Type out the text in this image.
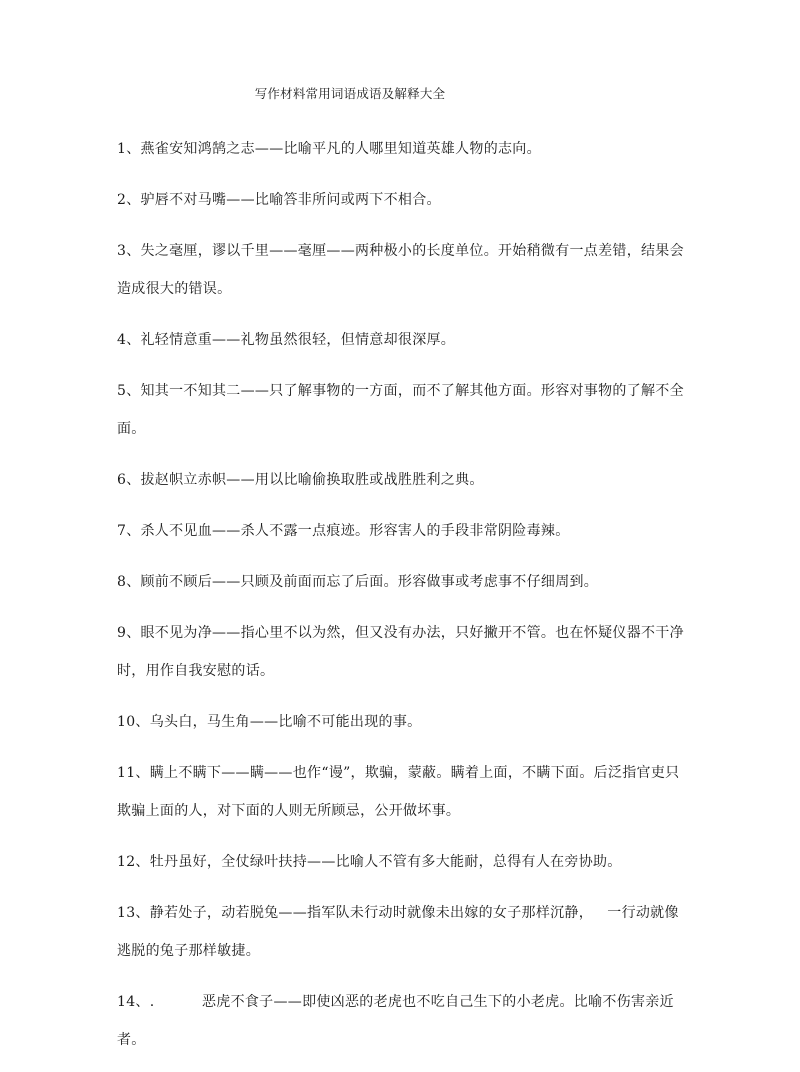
写作材料常用词语成语及解释大全
1、燕雀安知鸿鹄之志——比喻平凡的人哪里知道英雄人物的志向。
2、驴唇不对马嘴——比喻答非所问或两下不相合。
3、失之毫厘，谬以千里——毫厘——两种极小的长度单位。开始稍微有一点差错，结果会造成很大的错误。
4、礼轻情意重——礼物虽然很轻，但情意却很深厚。
5、知其一不知其二——只了解事物的一方面，而不了解其他方面。形容对事物的了解不全面。
6、拔赵帜立赤帜——用以比喻偷换取胜或战胜胜利之典。
7、杀人不见血——杀人不露一点痕迹。形容害人的手段非常阴险毒辣。
8、顾前不顾后——只顾及前面而忘了后面。形容做事或考虑事不仔细周到。
9、眼不见为净——指心里不以为然，但又没有办法，只好撇开不管。也在怀疑仪器不干净时，用作自我安慰的话。
10、乌头白，马生角——比喻不可能出现的事。
11、瞒上不瞒下——瞒——也作“谩”，欺骗，蒙蔽。瞒着上面，不瞒下面。后泛指官吏只欺骗上面的人，对下面的人则无所顾忌，公开做坏事。
12、牡丹虽好，全仗绿叶扶持——比喻人不管有多大能耐，总得有人在旁协助。
13、静若处子，动若脱兔——指军队未行动时就像未出嫁的女子那样沉静，   一行动就像逃脱的兔子那样敏捷。
14、.          恶虎不食子——即使凶恶的老虎也不吃自己生下的小老虎。比喻不伤害亲近者。
